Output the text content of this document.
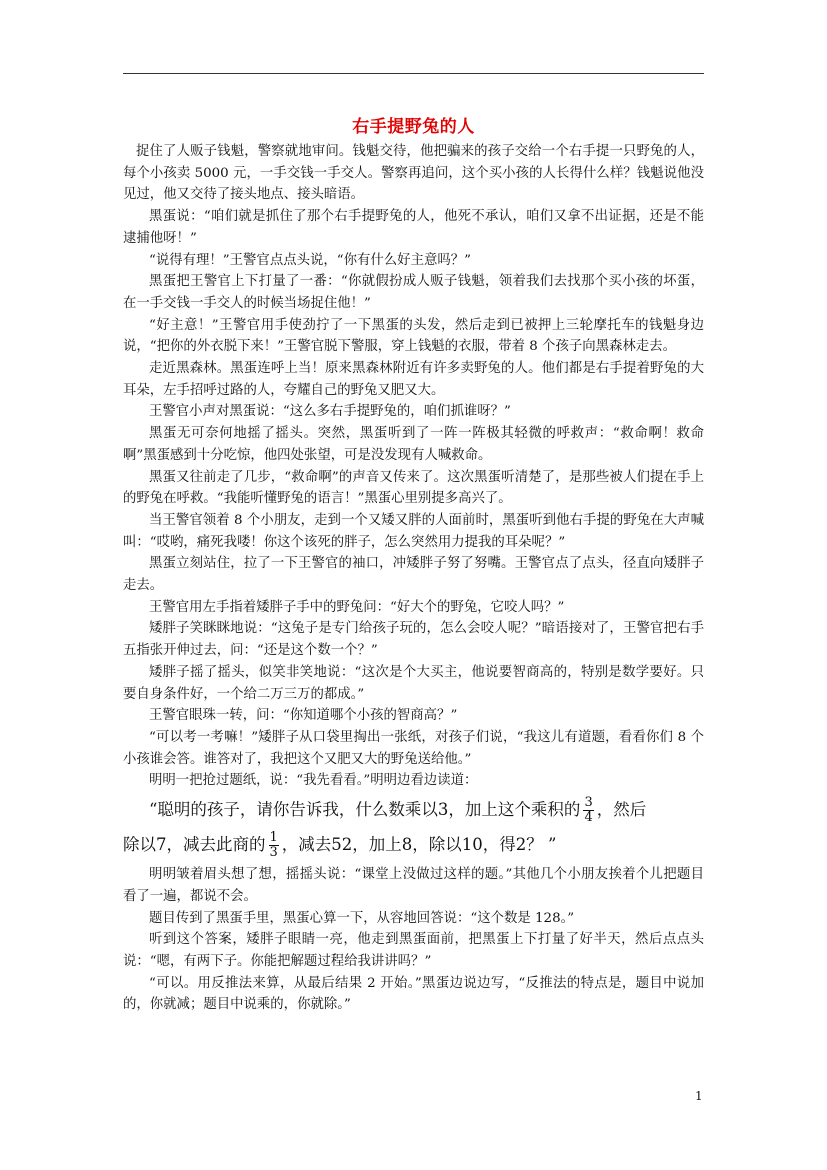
右手提野兔的人

捉住了人贩子钱魁，警察就地审问。钱魁交待，他把骗来的孩子交给一个右手提一只野兔的人，每个小孩卖 5000 元，一手交钱一手交人。警察再追问，这个买小孩的人长得什么样？钱魁说他没见过，他又交待了接头地点、接头暗语。

黑蛋说：“咱们就是抓住了那个右手提野兔的人，他死不承认，咱们又拿不出证据，还是不能逮捕他呀！”

“说得有理！”王警官点点头说，“你有什么好主意吗？”

黑蛋把王警官上下打量了一番：“你就假扮成人贩子钱魁，领着我们去找那个买小孩的坏蛋，在一手交钱一手交人的时候当场捉住他！”

“好主意！”王警官用手使劲拧了一下黑蛋的头发，然后走到已被押上三轮摩托车的钱魁身边说，“把你的外衣脱下来！”王警官脱下警服，穿上钱魁的衣服，带着 8 个孩子向黑森林走去。

走近黑森林。黑蛋连呼上当！原来黑森林附近有许多卖野兔的人。他们都是右手提着野兔的大耳朵，左手招呼过路的人，夸耀自己的野兔又肥又大。

王警官小声对黑蛋说：“这么多右手提野兔的，咱们抓谁呀？”

黑蛋无可奈何地摇了摇头。突然，黑蛋听到了一阵一阵极其轻微的呼救声：“救命啊！救命啊”黑蛋感到十分吃惊，他四处张望，可是没发现有人喊救命。

黑蛋又往前走了几步，“救命啊”的声音又传来了。这次黑蛋听清楚了，是那些被人们提在手上的野兔在呼救。“我能听懂野兔的语言！”黑蛋心里别提多高兴了。

当王警官领着 8 个小朋友，走到一个又矮又胖的人面前时，黑蛋听到他右手提的野兔在大声喊叫：“哎哟，痛死我喽！你这个该死的胖子，怎么突然用力提我的耳朵呢？”

黑蛋立刻站住，拉了一下王警官的袖口，冲矮胖子努了努嘴。王警官点了点头，径直向矮胖子走去。

王警官用左手指着矮胖子手中的野兔问：“好大个的野兔，它咬人吗？”

矮胖子笑眯眯地说：“这兔子是专门给孩子玩的，怎么会咬人呢？”暗语接对了，王警官把右手五指张开伸过去，问：“还是这个数一个？”

矮胖子摇了摇头，似笑非笑地说：“这次是个大买主，他说要智商高的，特别是数学要好。只要自身条件好，一个给二万三万的都成。”

王警官眼珠一转，问：“你知道哪个小孩的智商高？”

“可以考一考嘛！”矮胖子从口袋里掏出一张纸，对孩子们说，“我这儿有道题，看看你们 8 个小孩谁会答。谁答对了，我把这个又肥又大的野兔送给他。”

明明一把抢过题纸，说：“我先看看。”明明边看边读道：

“聪明的孩子，请你告诉我，什么数乘以3，加上这个乘积的 $\frac{3}{4}$ ，然后

除以7，减去此商的 $\frac{1}{3}$ ，减去52，加上8，除以10，得2？ ”

明明皱着眉头想了想，摇摇头说：“课堂上没做过这样的题。”其他几个小朋友挨着个儿把题目看了一遍，都说不会。

题目传到了黑蛋手里，黑蛋心算一下，从容地回答说：“这个数是 128。”

听到这个答案，矮胖子眼睛一亮，他走到黑蛋面前，把黑蛋上下打量了好半天，然后点点头说：“嗯，有两下子。你能把解题过程给我讲讲吗？”

“可以。用反推法来算，从最后结果 2 开始。”黑蛋边说边写，“反推法的特点是，题目中说加的，你就减；题目中说乘的，你就除。”

1
